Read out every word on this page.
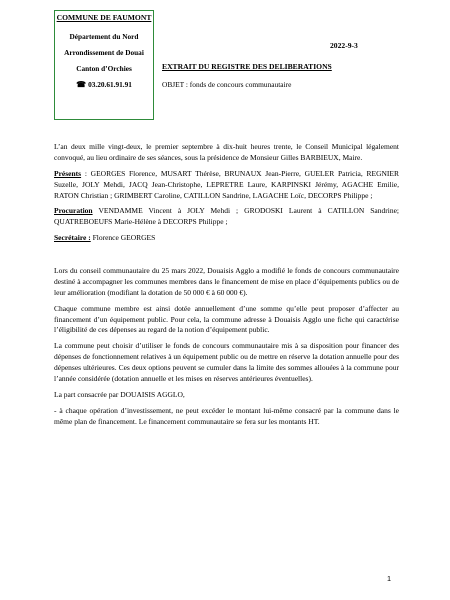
COMMUNE DE FAUMONT
Département du Nord
Arrondissement de Douai
Canton d’Orchies
☎ 03.20.61.91.91
2022-9-3
EXTRAIT DU REGISTRE DES DELIBERATIONS
OBJET : fonds de concours communautaire

L’an deux mille vingt-deux, le premier septembre à dix-huit heures trente, le Conseil Municipal légalement convoqué, au lieu ordinaire de ses séances, sous la présidence de Monsieur Gilles BARBIEUX, Maire.

Présents : GEORGES Florence, MUSART Thérèse, BRUNAUX Jean-Pierre, GUELER Patricia, REGNIER Suzelle, JOLY Mehdi, JACQ Jean-Christophe, LEPRETRE Laure, KARPINSKI Jérémy, AGACHE Emilie, RATON Christian ; GRIMBERT Caroline, CATILLON Sandrine, LAGACHE Loïc, DECORPS Philippe ;

Procuration VENDAMME Vincent à JOLY Mehdi ; GRODOSKI Laurent à CATILLON Sandrine; QUATREBOEUFS Marie-Hélène à DECORPS Philippe ;

Secrétaire : Florence GEORGES

Lors du conseil communautaire du 25 mars 2022, Douaisis Agglo a modifié le fonds de concours communautaire destiné à accompagner les communes membres dans le financement de mise en place d’équipements publics ou de leur amélioration (modifiant la dotation de 50 000 € à 60 000 €).

Chaque commune membre est ainsi dotée annuellement d’une somme qu’elle peut proposer d’affecter au financement d’un équipement public. Pour cela, la commune adresse à Douaisis Agglo une fiche qui caractérise l’éligibilité de ces dépenses au regard de la notion d’équipement public.

La commune peut choisir d’utiliser le fonds de concours communautaire mis à sa disposition pour financer des dépenses de fonctionnement relatives à un équipement public ou de mettre en réserve la dotation annuelle pour des dépenses ultérieures. Ces deux options peuvent se cumuler dans la limite des sommes allouées à la commune pour l’année considérée (dotation annuelle et les mises en réserves antérieures éventuelles).

La part consacrée par DOUAISIS AGGLO,

- à chaque opération d’investissement, ne peut excéder le montant lui-même consacré par la commune dans le même plan de financement. Le financement communautaire se fera sur les montants HT.

1
